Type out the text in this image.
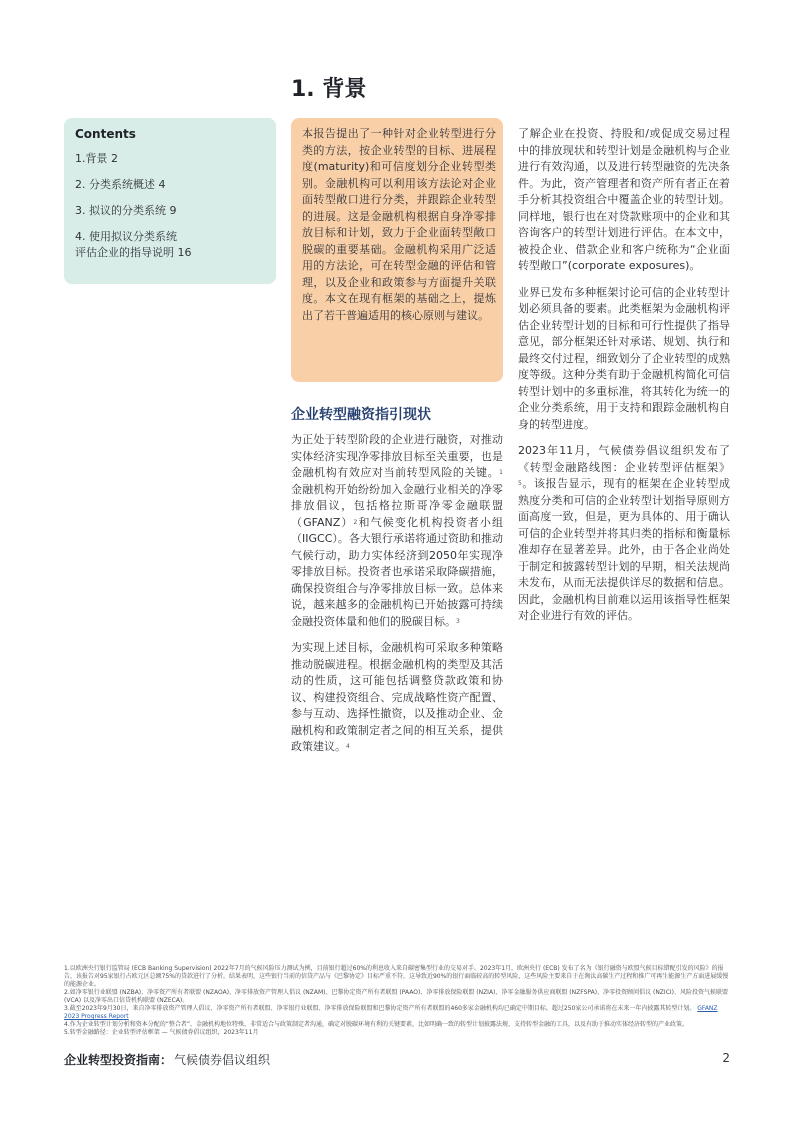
1. 背景
Contents
1.背景 2
2. 分类系统概述 4
3. 拟议的分类系统 9
4. 使用拟议分类系统
评估企业的指导说明 16
本报告提出了一种针对企业转型进行分类的方法，按企业转型的目标、进展程度(maturity)和可信度划分企业转型类别。金融机构可以利用该方法论对企业面转型敞口进行分类，并跟踪企业转型的进展。这是金融机构根据自身净零排放目标和计划，致力于企业面转型敞口脱碳的重要基础。金融机构采用广泛适用的方法论，可在转型金融的评估和管理，以及企业和政策参与方面提升关联度。本文在现有框架的基础之上，提炼出了若干普遍适用的核心原则与建议。
企业转型融资指引现状

为正处于转型阶段的企业进行融资，对推动实体经济实现净零排放目标至关重要，也是金融机构有效应对当前转型风险的关键。$^1$金融机构开始纷纷加入金融行业相关的净零排放倡议，包括格拉斯哥净零金融联盟（GFANZ）$^2$和气候变化机构投资者小组（IIGCC）。各大银行承诺将通过资助和推动气候行动，助力实体经济到2050年实现净零排放目标。投资者也承诺采取降碳措施，确保投资组合与净零排放目标一致。总体来说，越来越多的金融机构已开始披露可持续金融投资体量和他们的脱碳目标。$^3$

为实现上述目标，金融机构可采取多种策略推动脱碳进程。根据金融机构的类型及其活动的性质，这可能包括调整贷款政策和协议、构建投资组合、完成战略性资产配置、参与互动、选择性撤资，以及推动企业、金融机构和政策制定者之间的相互关系，提供政策建议。$^4$

了解企业在投资、持股和/或促成交易过程中的排放现状和转型计划是金融机构与企业进行有效沟通，以及进行转型融资的先决条件。为此，资产管理者和资产所有者正在着手分析其投资组合中覆盖企业的转型计划。同样地，银行也在对贷款账项中的企业和其咨询客户的转型计划进行评估。在本文中，被投企业、借款企业和客户统称为“企业面转型敞口”(corporate exposures)。

业界已发布多种框架讨论可信的企业转型计划必须具备的要素。此类框架为金融机构评估企业转型计划的目标和可行性提供了指导意见，部分框架还针对承诺、规划、执行和最终交付过程，细致划分了企业转型的成熟度等级。这种分类有助于金融机构简化可信转型计划中的多重标准，将其转化为统一的企业分类系统，用于支持和跟踪金融机构自身的转型进度。

2023年11月，气候债券倡议组织发布了《转型金融路线图：企业转型评估框架》$^5$。该报告显示，现有的框架在企业转型成熟度分类和可信的企业转型计划指导原则方面高度一致，但是，更为具体的、用于确认可信的企业转型并将其归类的指标和衡量标准却存在显著差异。此外，由于各企业尚处于制定和披露转型计划的早期，相关法规尚未发布，从而无法提供详尽的数据和信息。因此，金融机构目前难以运用该指导性框架对企业进行有效的评估。

1.以欧洲央行银行监管局 (ECB Banking Supervision) 2022年7月的气候风险压力测试为例，目前银行超过60%的利息收入来自碳密集型行业的交易对手。2023年1月，欧洲央行 (ECB) 发布了名为《银行融资与欧盟气候目标错配引发的风险》的报告，该报告对95家银行占欧元区总额75%的贷款进行了分析，结果表明，这些银行当前的信贷产品与《巴黎协定》目标严重不符，这导致近90%的银行面临较高的转型风险，这些风险主要来自于在淘汰高碳生产过程和推广可再生能源生产方面进展缓慢的能源企业。

2.如净零银行业联盟 (NZBA)、净零资产所有者联盟 (NZAOA)、净零排放资产管理人倡议 (NZAM)、巴黎协定资产所有者联盟 (PAAO)、净零排放保险联盟 (NZIA)、净零金融服务供应商联盟 (NZFSPA)、净零投资顾问倡议 (NZICI)、风险投资气候联盟 (VCA) 以及净零出口信贷机构联盟 (NZECA)。

3.截至2023年9月30日，来自净零排放资产管理人倡议、净零资产所有者联盟、净零银行业联盟、净零排放保险联盟和巴黎协定资产所有者联盟的460多家金融机构均已确定中期目标。超过250家公司承诺将在未来一年内披露其转型计划。 GFANZ 2023 Progress Report

4.作为企业转型计划分析和资本分配的“整合者”，金融机构地位特殊，非常适合与政策制定者沟通，确定对脱碳环境有利的关键要素，比如明确一致的转型计划披露法规、支持转型金融的工具，以及有助于推动实体经济转型的产业政策。

5.转型金融路径：企业转型评估框架 — 气候债券倡议组织，2023年11月

企业转型投资指南： 气候债券倡议组织	2
